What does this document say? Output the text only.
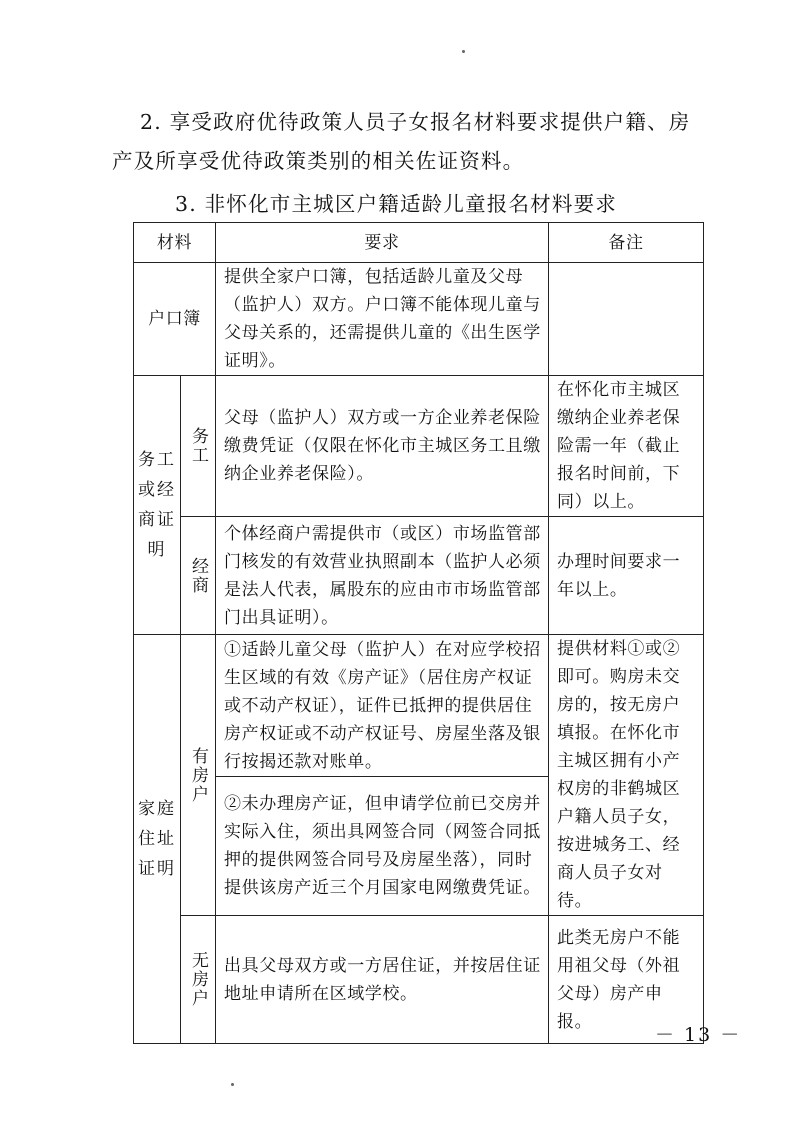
2. 享受政府优待政策人员子女报名材料要求提供户籍、房
产及所享受优待政策类别的相关佐证资料。
3. 非怀化市主城区户籍适龄儿童报名材料要求
材料		要求	备注
户口簿		提供全家户口簿，包括适龄儿童及父母（监护人）双方。户口簿不能体现儿童与父母关系的，还需提供儿童的《出生医学证明》。	

务工或经商证明	务工	父母（监护人）双方或一方企业养老保险缴费凭证（仅限在怀化市主城区务工且缴纳企业养老保险）。	在怀化市主城区缴纳企业养老保险需一年（截止报名时间前，下同）以上。

	经商	个体经商户需提供市（或区）市场监管部门核发的有效营业执照副本（监护人必须是法人代表，属股东的应由市市场监管部门出具证明）。	办理时间要求一年以上。

家庭住址证明	有房户	①适龄儿童父母（监护人）在对应学校招生区域的有效《房产证》（居住房产权证或不动产权证），证件已抵押的提供居住房产权证或不动产权证号、房屋坐落及银行按揭还款对账单。	提供材料①或②即可。购房未交房的，按无房户填报。在怀化市主城区拥有小产权房的非鹤城区户籍人员子女，按进城务工、经商人员子女对待。
		②未办理房产证，但申请学位前已交房并实际入住，须出具网签合同（网签合同抵押的提供网签合同号及房屋坐落），同时提供该房产近三个月国家电网缴费凭证。	

	无房户	出具父母双方或一方居住证，并按居住证地址申请所在区域学校。	此类无房户不能用祖父母（外祖父母）房产申报。
－ 13 －
